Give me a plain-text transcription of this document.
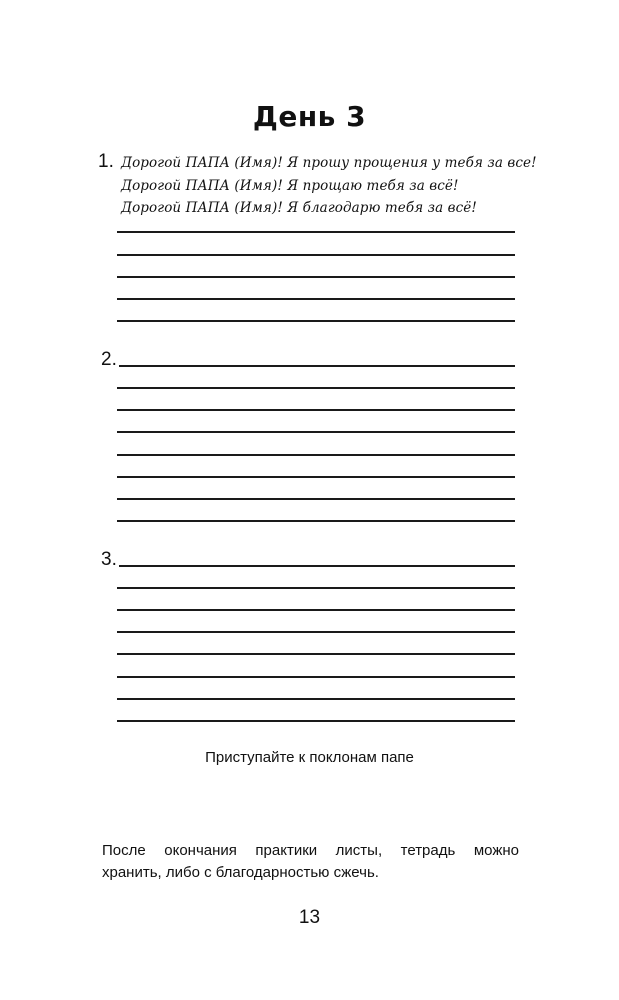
День 3
1. Дорогой ПАПА (Имя)! Я прошу прощения у тебя за все!
Дорогой ПАПА (Имя)! Я прощаю тебя за всё!
Дорогой ПАПА (Имя)! Я благодарю тебя за всё!
2.
3.
Приступайте к поклонам папе
После окончания практики листы, тетрадь можно
хранить, либо с благодарностью сжечь.
13
